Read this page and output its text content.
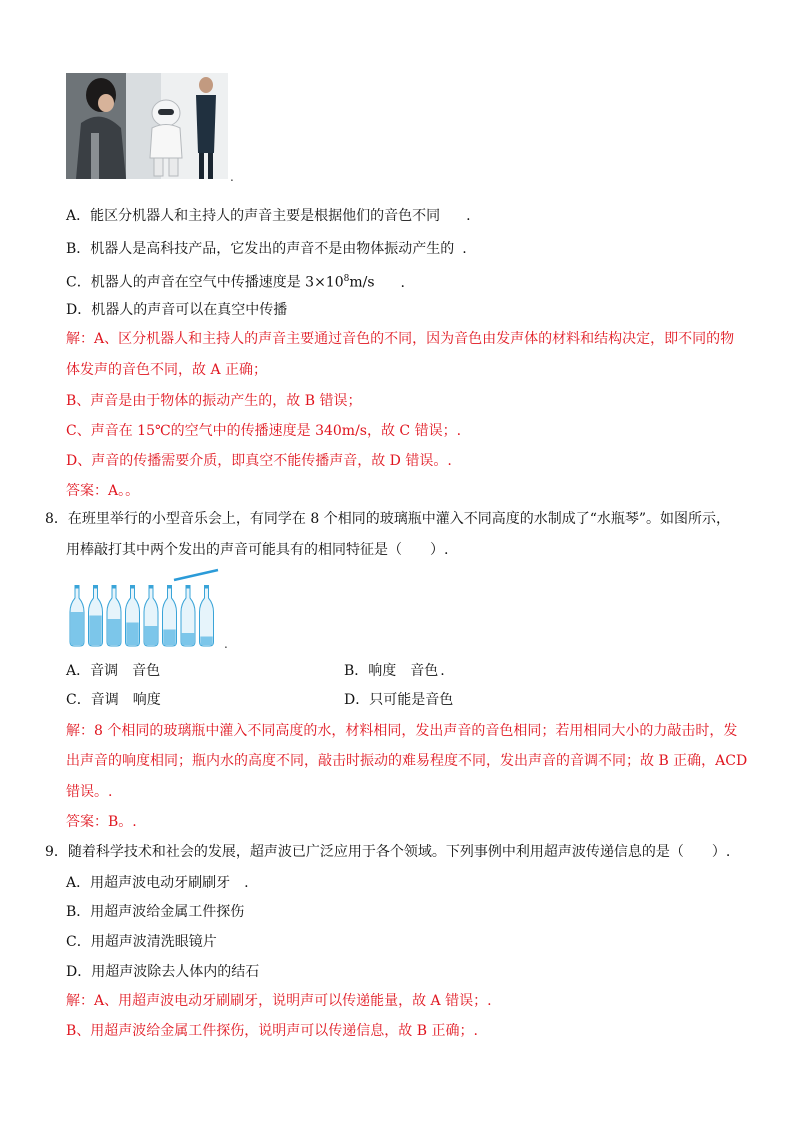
.
A．能区分机器人和主持人的声音主要是根据他们的音色不同 .
B．机器人是高科技产品，它发出的声音不是由物体振动产生的 .
C．机器人的声音在空气中传播速度是 $3\times 10^8m/s$ .
D．机器人的声音可以在真空中传播
解：A、区分机器人和主持人的声音主要通过音色的不同，因为音色由发声体的材料和结构决定，即不同的物
体发声的音色不同，故 A 正确；
B、声音是由于物体的振动产生的，故 B 错误；
C、声音在 15℃的空气中的传播速度是 340m/s，故 C 错误；.
D、声音的传播需要介质，即真空不能传播声音，故 D 错误。.
答案：A。。
8．在班里举行的小型音乐会上，有同学在 8 个相同的玻璃瓶中灌入不同高度的水制成了“水瓶琴”。如图所示，
用棒敲打其中两个发出的声音可能具有的相同特征是（　　）.
.
A．音调　音色	B．响度　音色 .
C．音调　响度	D．只可能是音色
解：8 个相同的玻璃瓶中灌入不同高度的水，材料相同，发出声音的音色相同；若用相同大小的力敲击时，发
出声音的响度相同；瓶内水的高度不同，敲击时振动的难易程度不同，发出声音的音调不同；故 B 正确，ACD
错误。.
答案：B。.
9．随着科学技术和社会的发展，超声波已广泛应用于各个领域。下列事例中利用超声波传递信息的是（　　）.
A．用超声波电动牙刷刷牙 .
B．用超声波给金属工件探伤
C．用超声波清洗眼镜片
D．用超声波除去人体内的结石
解：A、用超声波电动牙刷刷牙，说明声可以传递能量，故 A 错误；.
B、用超声波给金属工件探伤，说明声可以传递信息，故 B 正确；.
